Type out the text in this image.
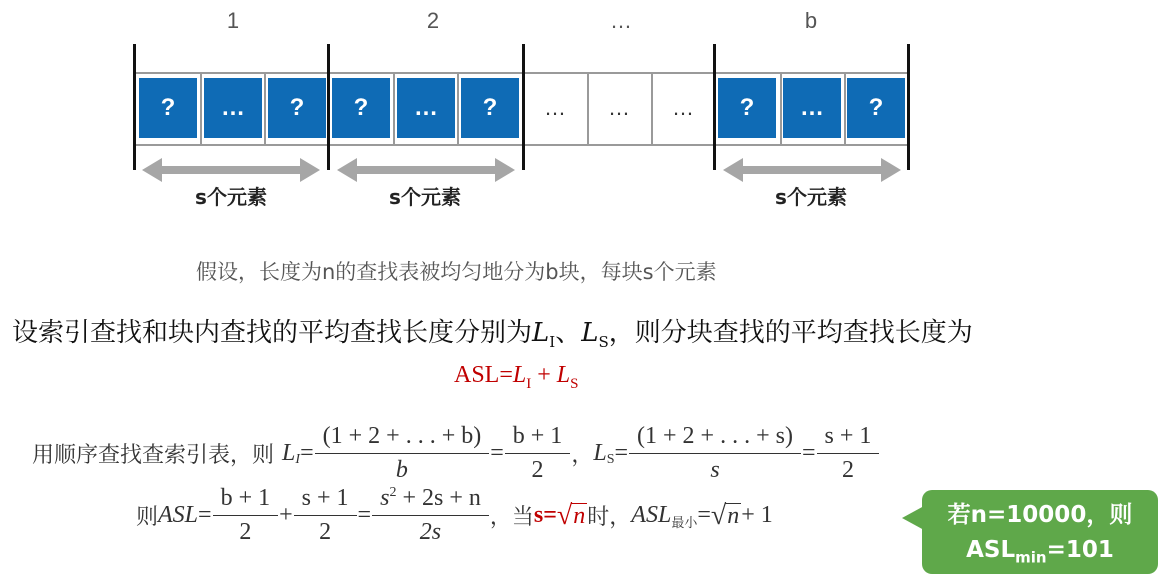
1	2	…	b
?	…	?	?	…	?	…	…	…	?	…	?
s个元素	s个元素	s个元素
假设，长度为n的查找表被均匀地分为b块，每块s个元素
设索引查找和块内查找的平均查找长度分别为$L_I$、$L_S$，则分块查找的平均查找长度为
$ASL=L_I + L_S$
用 顺序查找查索引表 ，则 $L_I = \frac{(1 + 2 + . . . + b)}{b} = \frac{b + 1}{2}$ ， $L_S = \frac{(1 + 2 + . . . + s)}{s} = \frac{s + 1}{2}$
则 ASL = $\frac{b + 1}{2} + \frac{s + 1}{2} = \frac{s^2 + 2s + n}{2s}$ ，当 s= √ n 时 ， $ASL_{最小}$ = √ n + 1	若n=10000，则
$ASL_{min}=101$
